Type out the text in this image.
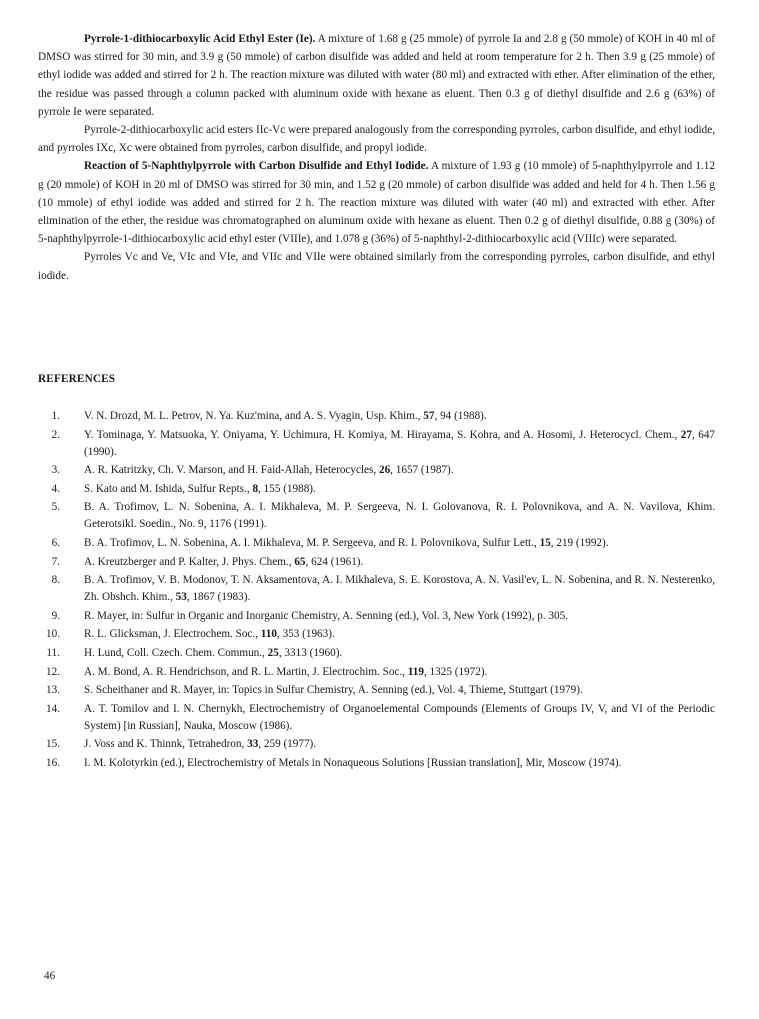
Pyrrole-1-dithiocarboxylic Acid Ethyl Ester (Ie). A mixture of 1.68 g (25 mmole) of pyrrole Ia and 2.8 g (50 mmole) of KOH in 40 ml of DMSO was stirred for 30 min, and 3.9 g (50 mmole) of carbon disulfide was added and held at room temperature for 2 h. Then 3.9 g (25 mmole) of ethyl iodide was added and stirred for 2 h. The reaction mixture was diluted with water (80 ml) and extracted with ether. After elimination of the ether, the residue was passed through a column packed with aluminum oxide with hexane as eluent. Then 0.3 g of diethyl disulfide and 2.6 g (63%) of pyrrole Ie were separated.

Pyrrole-2-dithiocarboxylic acid esters IIc-Vc were prepared analogously from the corresponding pyrroles, carbon disulfide, and ethyl iodide, and pyrroles IXc, Xc were obtained from pyrroles, carbon disulfide, and propyl iodide.

Reaction of 5-Naphthylpyrrole with Carbon Disulfide and Ethyl Iodide. A mixture of 1.93 g (10 mmole) of 5-naphthylpyrrole and 1.12 g (20 mmole) of KOH in 20 ml of DMSO was stirred for 30 min, and 1.52 g (20 mmole) of carbon disulfide was added and held for 4 h. Then 1.56 g (10 mmole) of ethyl iodide was added and stirred for 2 h. The reaction mixture was diluted with water (40 ml) and extracted with ether. After elimination of the ether, the residue was chromatographed on aluminum oxide with hexane as eluent. Then 0.2 g of diethyl disulfide, 0.88 g (30%) of 5-naphthylpyrrole-1-dithiocarboxylic acid ethyl ester (VIIIe), and 1.078 g (36%) of 5-naphthyl-2-dithiocarboxylic acid (VIIIc) were separated.

Pyrroles Vc and Ve, VIc and VIe, and VIIc and VIIe were obtained similarly from the corresponding pyrroles, carbon disulfide, and ethyl iodide.

REFERENCES
1. V. N. Drozd, M. L. Petrov, N. Ya. Kuz'mina, and A. S. Vyagin, Usp. Khim., 57, 94 (1988).
2. Y. Tominaga, Y. Matsuoka, Y. Oniyama, Y. Uchimura, H. Komiya, M. Hirayama, S. Kohra, and A. Hosomi, J. Heterocycl. Chem., 27, 647 (1990).
3. A. R. Katritzky, Ch. V. Marson, and H. Faid-Allah, Heterocycles, 26, 1657 (1987).
4. S. Kato and M. Ishida, Sulfur Repts., 8, 155 (1988).
5. B. A. Trofimov, L. N. Sobenina, A. I. Mikhaleva, M. P. Sergeeva, N. I. Golovanova, R. I. Polovnikova, and A. N. Vavilova, Khim. Geterotsikl. Soedin., No. 9, 1176 (1991).
6. B. A. Trofimov, L. N. Sobenina, A. I. Mikhaleva, M. P. Sergeeva, and R. I. Polovnikova, Sulfur Lett., 15, 219 (1992).
7. A. Kreutzberger and P. Kalter, J. Phys. Chem., 65, 624 (1961).
8. B. A. Trofimov, V. B. Modonov, T. N. Aksamentova, A. I. Mikhaleva, S. E. Korostova, A. N. Vasil'ev, L. N. Sobenina, and R. N. Nesterenko, Zh. Obshch. Khim., 53, 1867 (1983).
9. R. Mayer, in: Sulfur in Organic and Inorganic Chemistry, A. Senning (ed.), Vol. 3, New York (1992), p. 305.
10. R. L. Glicksman, J. Electrochem. Soc., 110, 353 (1963).
11. H. Lund, Coll. Czech. Chem. Commun., 25, 3313 (1960).
12. A. M. Bond, A. R. Hendrichson, and R. L. Martin, J. Electrochim. Soc., 119, 1325 (1972).
13. S. Scheithaner and R. Mayer, in: Topics in Sulfur Chemistry, A. Senning (ed.), Vol. 4, Thieme, Stuttgart (1979).
14. A. T. Tomilov and I. N. Chernykh, Electrochemistry of Organoelemental Compounds (Elements of Groups IV, V, and VI of the Periodic System) [in Russian], Nauka, Moscow (1986).
15. J. Voss and K. Thinnk, Tetrahedron, 33, 259 (1977).
16. I. M. Kolotyrkin (ed.), Electrochemistry of Metals in Nonaqueous Solutions [Russian translation], Mir, Moscow (1974).
46
